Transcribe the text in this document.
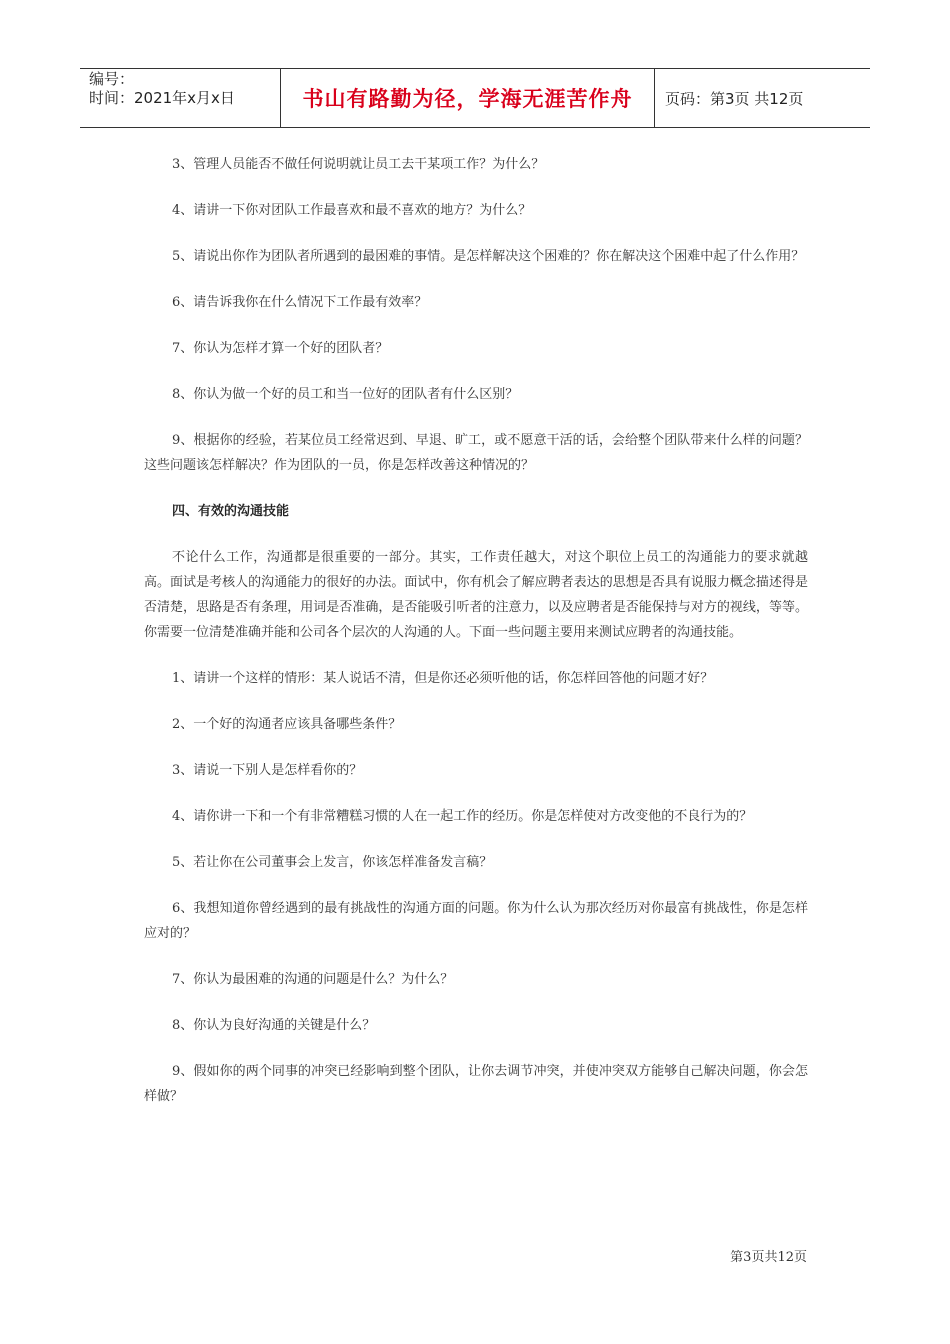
编号：
时间：2021年x月x日	书山有路勤为径，学海无涯苦作舟	页码：第3页 共12页

3、管理人员能否不做任何说明就让员工去干某项工作？为什么？

4、请讲一下你对团队工作最喜欢和最不喜欢的地方？为什么？

5、请说出你作为团队者所遇到的最困难的事情。是怎样解决这个困难的？你在解决这个困难中起了什么作用？

6、请告诉我你在什么情况下工作最有效率？

7、你认为怎样才算一个好的团队者？

8、你认为做一个好的员工和当一位好的团队者有什么区别？

9、根据你的经验，若某位员工经常迟到、早退、旷工，或不愿意干活的话，会给整个团队带来什么样的问题？这些问题该怎样解决？作为团队的一员，你是怎样改善这种情况的？

四、有效的沟通技能

不论什么工作，沟通都是很重要的一部分。其实，工作责任越大，对这个职位上员工的沟通能力的要求就越高。面试是考核人的沟通能力的很好的办法。面试中，你有机会了解应聘者表达的思想是否具有说服力概念描述得是否清楚，思路是否有条理，用词是否准确，是否能吸引听者的注意力，以及应聘者是否能保持与对方的视线，等等。你需要一位清楚准确并能和公司各个层次的人沟通的人。下面一些问题主要用来测试应聘者的沟通技能。

1、请讲一个这样的情形：某人说话不清，但是你还必须听他的话，你怎样回答他的问题才好？

2、一个好的沟通者应该具备哪些条件？

3、请说一下别人是怎样看你的？

4、请你讲一下和一个有非常糟糕习惯的人在一起工作的经历。你是怎样使对方改变他的不良行为的？

5、若让你在公司董事会上发言，你该怎样准备发言稿？

6、我想知道你曾经遇到的最有挑战性的沟通方面的问题。你为什么认为那次经历对你最富有挑战性，你是怎样应对的？

7、你认为最困难的沟通的问题是什么？为什么？

8、你认为良好沟通的关键是什么？

9、假如你的两个同事的冲突已经影响到整个团队，让你去调节冲突，并使冲突双方能够自己解决问题，你会怎样做？

第3页共12页
